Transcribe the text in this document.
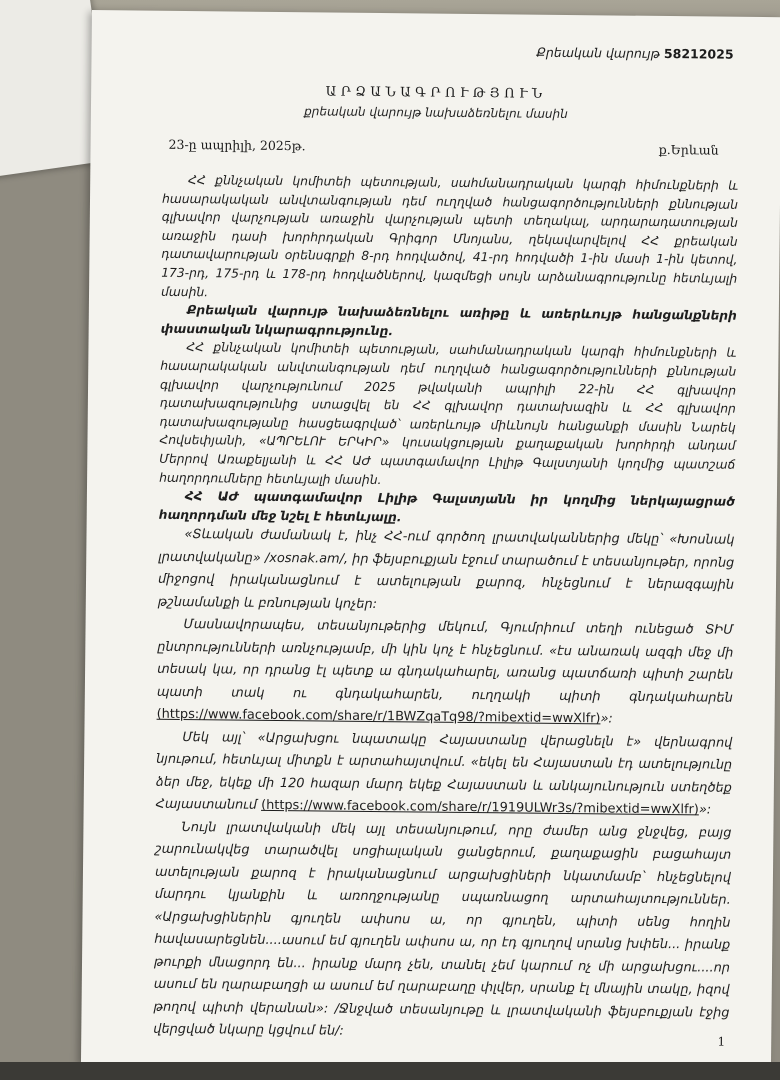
Քրեական վարույթ 58212025
ԱՐՁԱՆԱԳՐՈՒԹՅՈՒՆ
քրեական վարույթ նախաձեռնելու մասին
23-ը ապրիլի, 2025թ.	ք.Երևան

ՀՀ քննչական կոմիտեի պետության, սահմանադրական կարգի հիմունքների և հասարակական անվտանգության դեմ ուղղված հանցագործությունների քննության գլխավոր վարչության առաջին վարչության պետի տեղակալ, արդարադատության առաջին դասի խորհրդական Գրիգոր Մնոյանս, ղեկավարվելով ՀՀ քրեական դատավարության օրենսգրքի 8-րդ հոդվածով, 41-րդ հոդվածի 1-ին մասի 1-ին կետով, 173-րդ, 175-րդ և 178-րդ հոդվածներով, կազմեցի սույն արձանագրությունը հետևյալի մասին.

Քրեական վարույթ նախաձեռնելու առիթը և առերևույթ հանցանքների փաստական նկարագրությունը.

ՀՀ քննչական կոմիտեի պետության, սահմանադրական կարգի հիմունքների և հասարակական անվտանգության դեմ ուղղված հանցագործությունների քննության գլխավոր վարչությունում 2025 թվականի ապրիլի 22-ին ՀՀ գլխավոր դատախազությունից ստացվել են ՀՀ գլխավոր դատախազին և ՀՀ գլխավոր դատախազությանը հասցեագրված՝ առերևույթ միևնույն հանցանքի մասին Նարեկ Հովսեփյանի, «ԱՊՐԵԼՈՒ ԵՐԿԻՐ» կուսակցության քաղաքական խորհրդի անդամ Մերրով Առաքելյանի և ՀՀ ԱԺ պատգամավոր Լիլիթ Գալստյանի կողմից պատշաճ հաղորդումները հետևյալի մասին.

ՀՀ ԱԺ պատգամավոր Լիլիթ Գալստյանն իր կողմից ներկայացրած հաղորդման մեջ նշել է հետևյալը.

«Տևական ժամանակ է, ինչ ՀՀ-ում գործող լրատվականներից մեկը՝ «Խոսնակ լրատվականը» /xosnak.am/, իր ֆեյսբուքյան էջում տարածում է տեսանյութեր, որոնց միջոցով իրականացնում է ատելության քարոզ, հնչեցնում է ներազգային թշնամանքի և բռնության կոչեր:

Մասնավորապես, տեսանյութերից մեկում, Գյումրիում տեղի ունեցած ՏԻՄ ընտրությունների առնչությամբ, մի կին կոչ է հնչեցնում. «էս անառակ ազգի մեջ մի տեսակ կա, որ դրանց էլ պետք ա գնդակահարել, առանց պատճառի պիտի շարեն պատի տակ ու գնդակահարեն, ուղղակի պիտի գնդակահարեն (https://www.facebook.com/share/r/1BWZqaTq98/?mibextid=wwXlfr)»:

Մեկ այլ՝ «Արցախցու նպատակը Հայաստանը վերացնելն է» վերնագրով նյութում, հետևյալ միտքն է արտահայտվում. «եկել են Հայաստան էդ ատելությունը ձեր մեջ, եկեք մի 120 հազար մարդ եկեք Հայաստան և անկայունություն ստեղծեք Հայաստանում (https://www.facebook.com/share/r/1919ULWr3s/?mibextid=wwXlfr)»:

Նույն լրատվականի մեկ այլ տեսանյութում, որը ժամեր անց ջնջվեց, բայց շարունակվեց տարածվել սոցիալական ցանցերում, քաղաքացին բացահայտ ատելության քարոզ է իրականացնում արցախցիների նկատմամբ՝ հնչեցնելով մարդու կյանքին և առողջությանը սպառնացող արտահայտություններ. «Արցախցիներին գյուղեն ափսոս ա, որ գյուղեն, պիտի սենց հողին հավասարեցնեն....ասում եմ գյուղեն ափսոս ա, որ էդ գյուղով սրանց խփեն... իրանք թուրքի մնացորդ են... իրանք մարդ չեն, տանել չեմ կարում ոչ մի արցախցու....որ ասում են ղարաբաղցի ա ասում եմ ղարաբաղը փլվեր, սրանք էլ մնային տակը, իզով թողով պիտի վերանան»: /Ջնջված տեսանյութը և լրատվականի ֆեյսբուքյան էջից վերցված նկարը կցվում են/:

1
